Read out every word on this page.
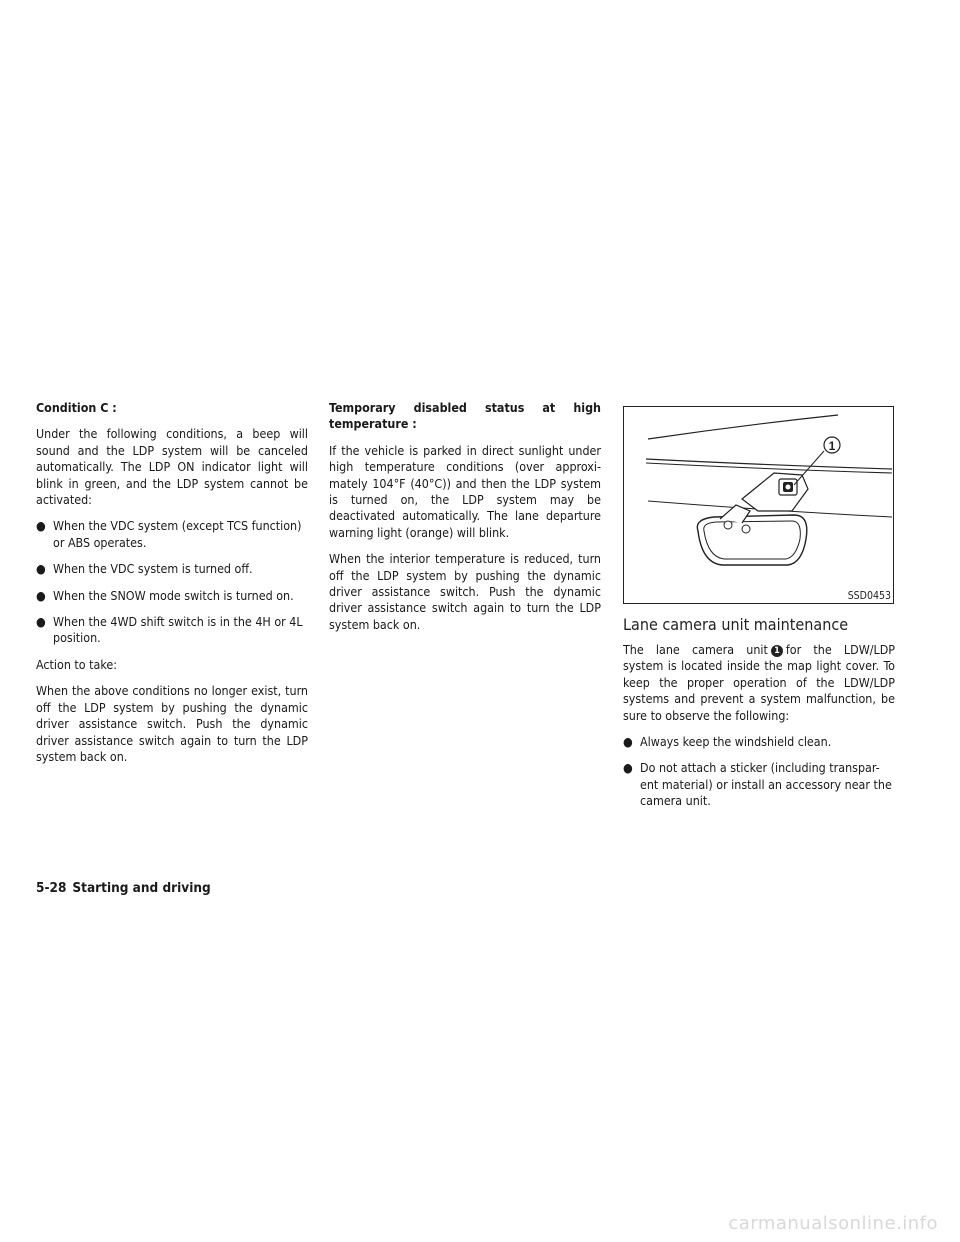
Condition C :

Under the following conditions, a beep will sound and the LDP system will be canceled automatically. The LDP ON indicator light will blink in green, and the LDP system cannot be activated:

● When the VDC system (except TCS function) or ABS operates.
● When the VDC system is turned off.
● When the SNOW mode switch is turned on.
● When the 4WD shift switch is in the 4H or 4L position.

Action to take:

When the above conditions no longer exist, turn off the LDP system by pushing the dynamic driver assistance switch. Push the dynamic driver assistance switch again to turn the LDP system back on.

Temporary disabled status at high temperature :

If the vehicle is parked in direct sunlight under high temperature conditions (over approxi-mately 104°F (40°C)) and then the LDP system is turned on, the LDP system may be deactivated automatically. The lane departure warning light (orange) will blink.

When the interior temperature is reduced, turn off the LDP system by pushing the dynamic driver assistance switch. Push the dynamic driver assistance switch again to turn the LDP system back on.

1
SSD0453
Lane camera unit maintenance

The lane camera unit 1 for the LDW/LDP system is located inside the map light cover. To keep the proper operation of the LDW/LDP systems and prevent a system malfunction, be sure to observe the following:

● Always keep the windshield clean.
● Do not attach a sticker (including transpar-ent material) or install an accessory near the camera unit.
5-28 Starting and driving
carmanualsonline.info
